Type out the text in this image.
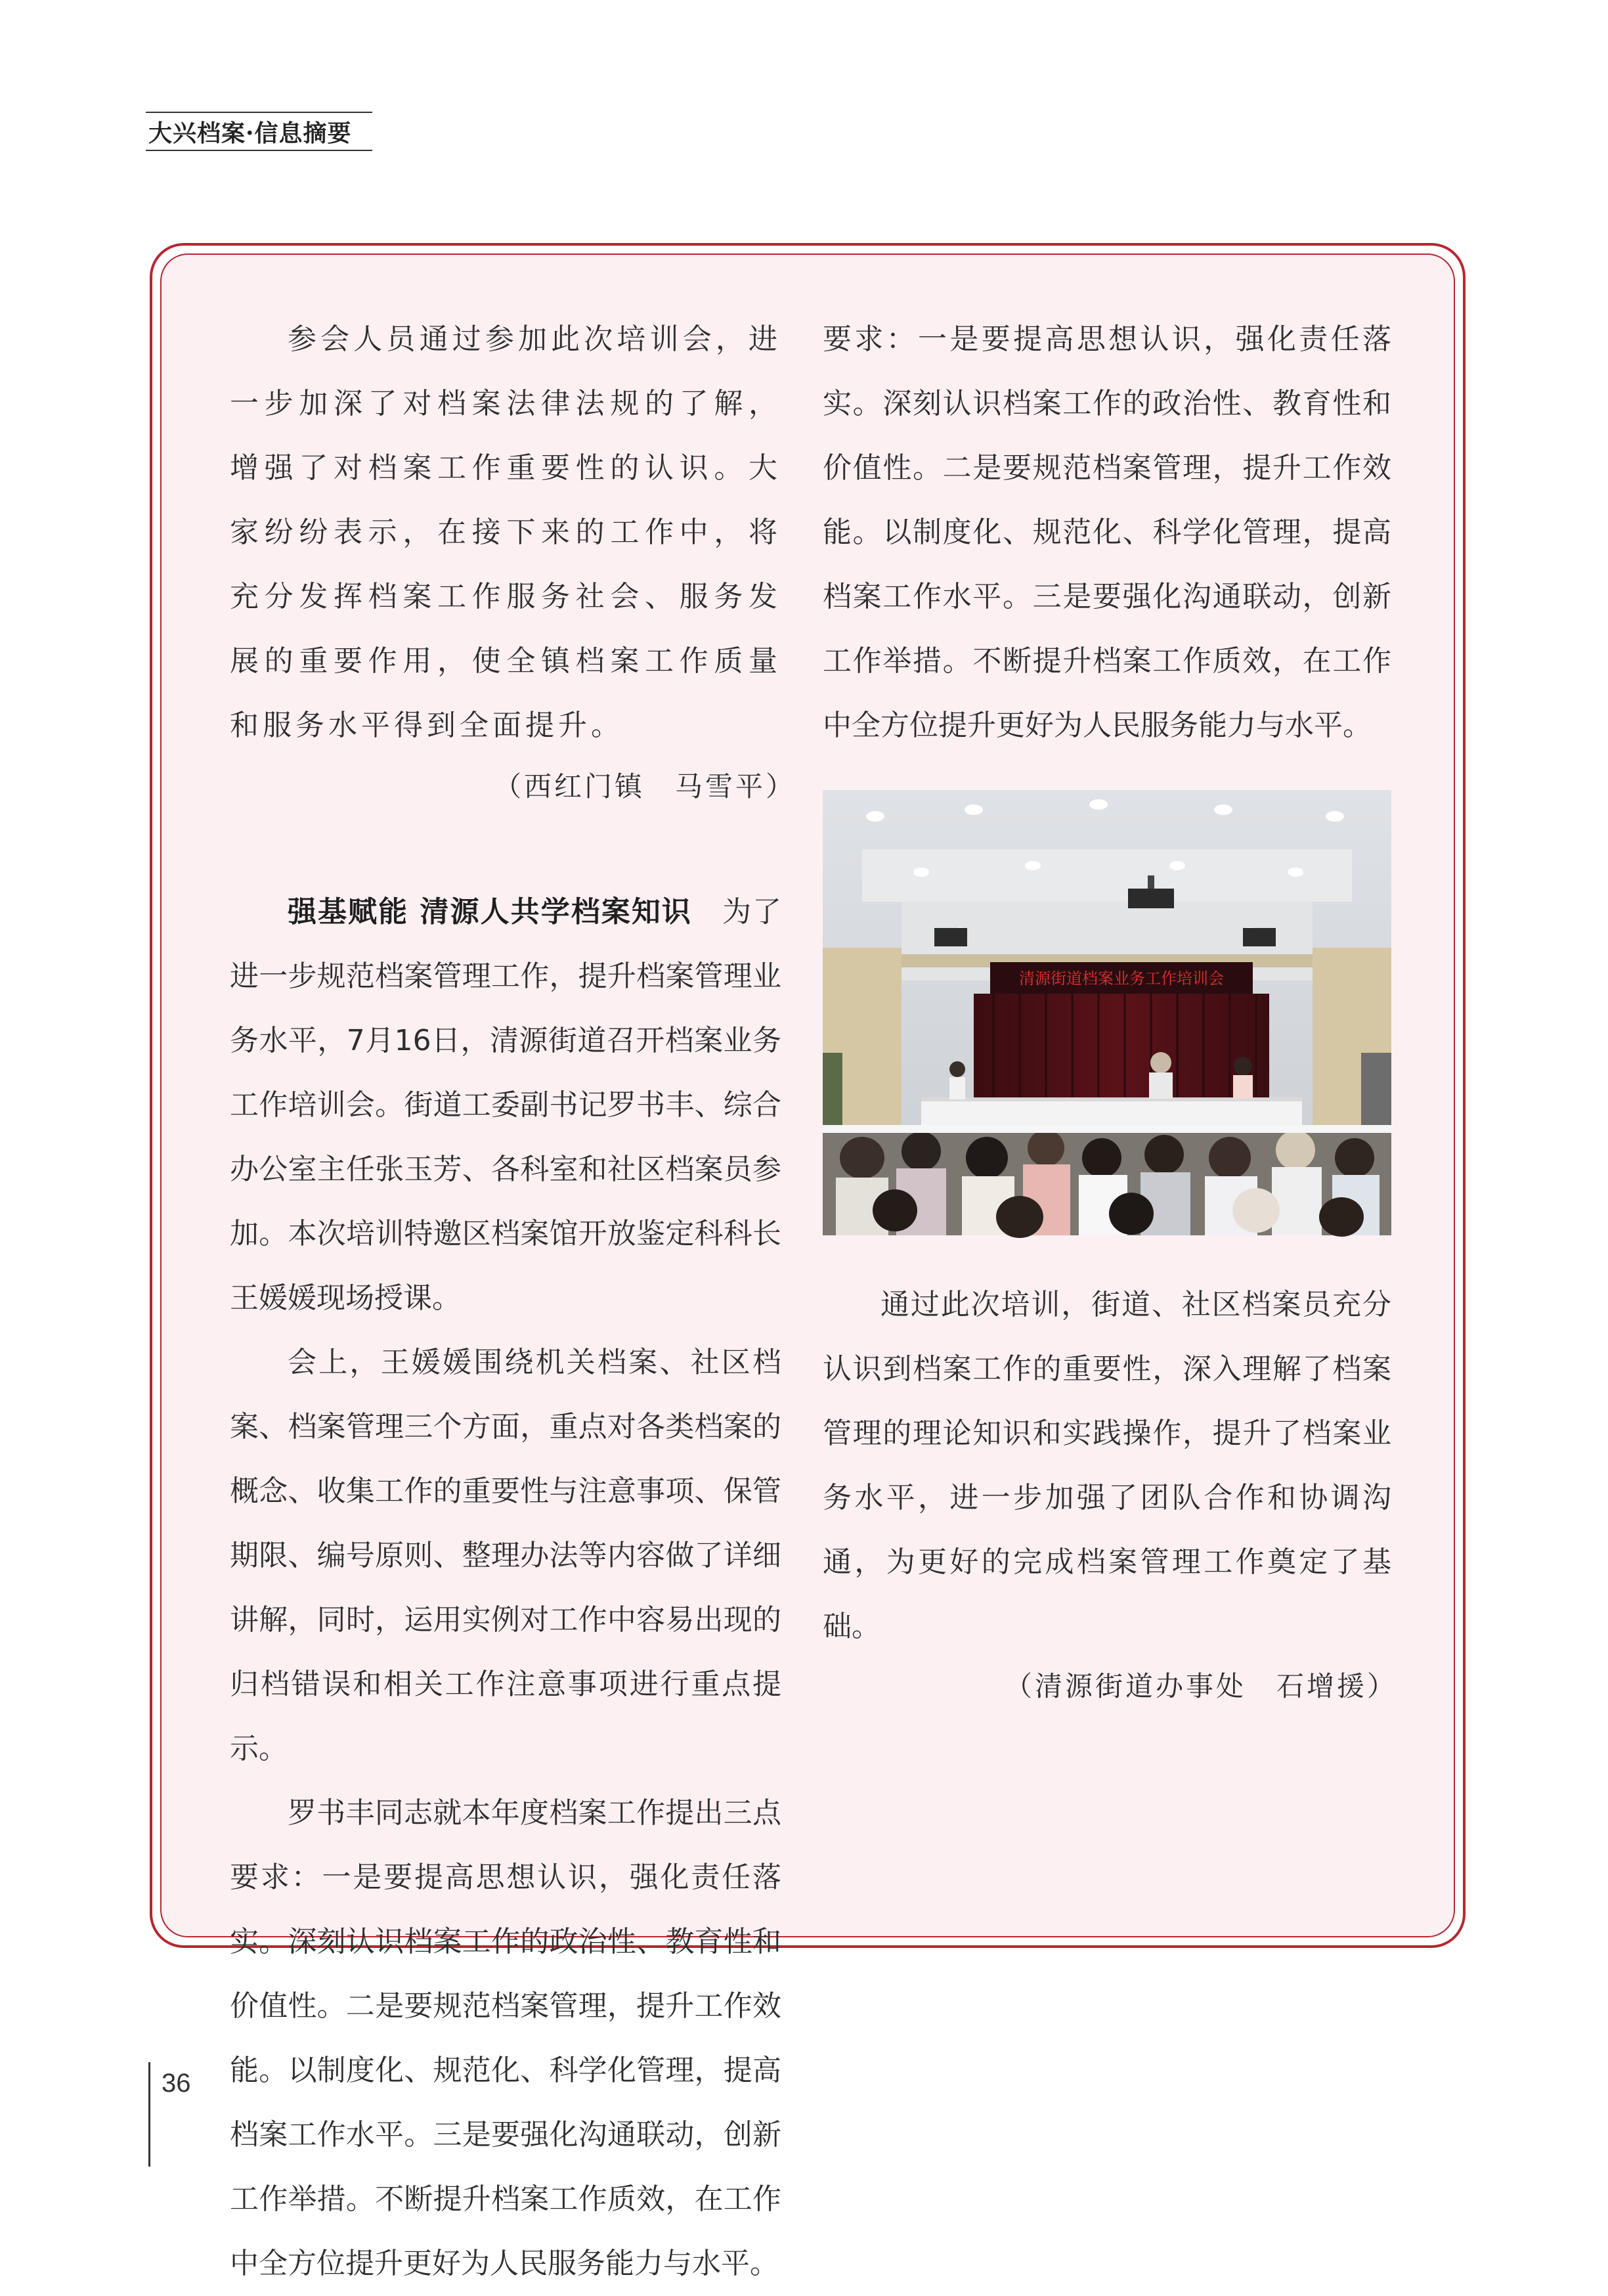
大兴档案·信息摘要

参会人员通过参加此次培训会，进一步加深了对档案法律法规的了解，增强了对档案工作重要性的认识。大家纷纷表示，在接下来的工作中，将充分发挥档案工作服务社会、服务发展的重要作用，使全镇档案工作质量和服务水平得到全面提升。

（西红门镇　马雪平）

强基赋能 清源人共学档案知识  为了进一步规范档案管理工作，提升档案管理业务水平，7月16日，清源街道召开档案业务工作培训会。街道工委副书记罗书丰、综合办公室主任张玉芳、各科室和社区档案员参加。本次培训特邀区档案馆开放鉴定科科长王媛媛现场授课。

会上，王媛媛围绕机关档案、社区档案、档案管理三个方面，重点对各类档案的概念、收集工作的重要性与注意事项、保管期限、编号原则、整理办法等内容做了详细讲解，同时，运用实例对工作中容易出现的归档错误和相关工作注意事项进行重点提示。

罗书丰同志就本年度档案工作提出三点要求：一是要提高思想认识，强化责任落实。深刻认识档案工作的政治性、教育性和价值性。二是要规范档案管理，提升工作效能。以制度化、规范化、科学化管理，提高档案工作水平。三是要强化沟通联动，创新工作举措。不断提升档案工作质效，在工作中全方位提升更好为人民服务能力与水平。

要求：一是要提高思想认识，强化责任落实。深刻认识档案工作的政治性、教育性和价值性。二是要规范档案管理，提升工作效能。以制度化、规范化、科学化管理，提高档案工作水平。三是要强化沟通联动，创新工作举措。不断提升档案工作质效，在工作中全方位提升更好为人民服务能力与水平。

清源街道档案业务工作培训会

通过此次培训，街道、社区档案员充分认识到档案工作的重要性，深入理解了档案管理的理论知识和实践操作，提升了档案业务水平，进一步加强了团队合作和协调沟通，为更好的完成档案管理工作奠定了基础。

（清源街道办事处　石增援）

36
